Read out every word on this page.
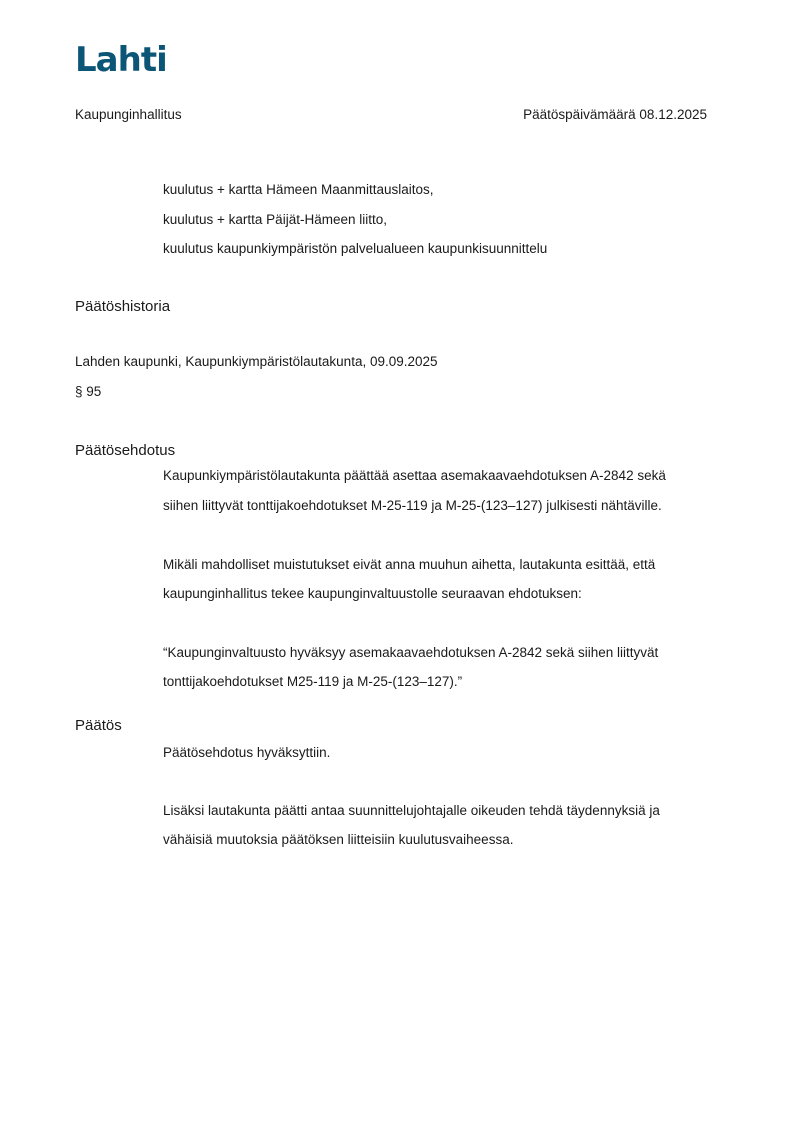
Lahti
Kaupunginhallitus	Päätöspäivämäärä 08.12.2025
kuulutus + kartta Hämeen Maanmittauslaitos,
kuulutus + kartta Päijät-Hämeen liitto,
kuulutus kaupunkiympäristön palvelualueen kaupunkisuunnittelu
Päätöshistoria
Lahden kaupunki, Kaupunkiympäristölautakunta, 09.09.2025
§ 95
Päätösehdotus
Kaupunkiympäristölautakunta päättää asettaa asemakaavaehdotuksen A-2842 sekä
siihen liittyvät tonttijakoehdotukset M-25-119 ja M-25-(123–127) julkisesti nähtäville.
Mikäli mahdolliset muistutukset eivät anna muuhun aihetta, lautakunta esittää, että
kaupunginhallitus tekee kaupunginvaltuustolle seuraavan ehdotuksen:
“Kaupunginvaltuusto hyväksyy asemakaavaehdotuksen A-2842 sekä siihen liittyvät
tonttijakoehdotukset M25-119 ja M-25-(123–127).”
Päätös
Päätösehdotus hyväksyttiin.
Lisäksi lautakunta päätti antaa suunnittelujohtajalle oikeuden tehdä täydennyksiä ja
vähäisiä muutoksia päätöksen liitteisiin kuulutusvaiheessa.
